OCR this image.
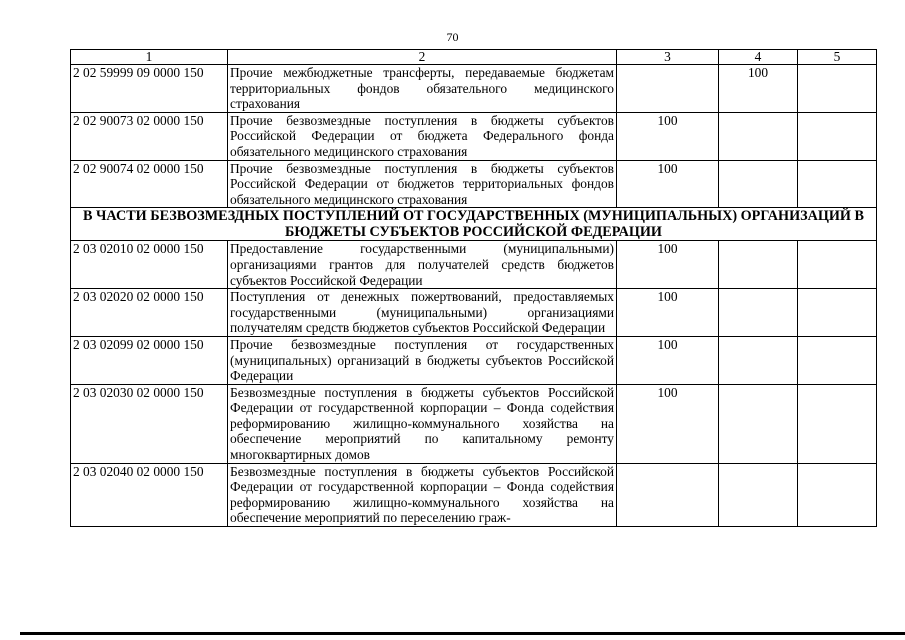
70
1	2	3	4	5
2 02 59999 09 0000 150	Прочие межбюджетные трансферты, передаваемые бюджетам территориальных фондов обязательного медицинского страхования		100	
2 02 90073 02 0000 150	Прочие безвозмездные поступления в бюджеты субъектов Российской Федерации от бюджета Федерального фонда обязательного медицинского страхования	100		
2 02 90074 02 0000 150	Прочие безвозмездные поступления в бюджеты субъектов Российской Федерации от бюджетов территориальных фондов обязательного медицинского страхования	100		
В ЧАСТИ БЕЗВОЗМЕЗДНЫХ ПОСТУПЛЕНИЙ ОТ ГОСУДАРСТВЕННЫХ (МУНИЦИПАЛЬНЫХ) ОРГАНИЗАЦИЙ В БЮДЖЕТЫ СУБЪЕКТОВ РОССИЙСКОЙ ФЕДЕРАЦИИ				
2 03 02010 02 0000 150	Предоставление государственными (муниципальными) организациями грантов для получателей средств бюджетов субъектов Российской Федерации	100		
2 03 02020 02 0000 150	Поступления от денежных пожертвований, предоставляемых государственными (муниципальными) организациями получателям средств бюджетов субъектов Российской Федерации	100		
2 03 02099 02 0000 150	Прочие безвозмездные поступления от государственных (муниципальных) организаций в бюджеты субъектов Российской Федерации	100		
2 03 02030 02 0000 150	Безвозмездные поступления в бюджеты субъектов Российской Федерации от государственной корпорации – Фонда содействия реформированию жилищно-коммунального хозяйства на обеспечение мероприятий по капитальному ремонту многоквартирных домов	100		
2 03 02040 02 0000 150	Безвозмездные поступления в бюджеты субъектов Российской Федерации от государственной корпорации – Фонда содействия реформированию жилищно-коммунального хозяйства на обеспечение мероприятий по переселению граж-			
